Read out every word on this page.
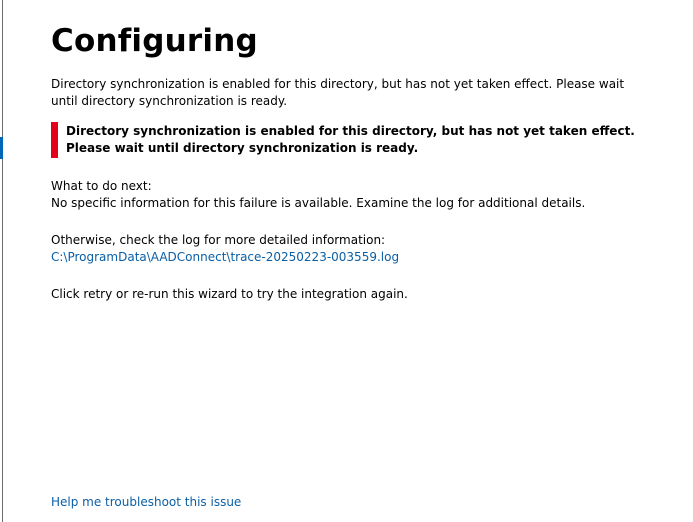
Configuring
Directory synchronization is enabled for this directory, but has not yet taken effect. Please wait until directory synchronization is ready.
Directory synchronization is enabled for this directory, but has not yet taken effect. Please wait until directory synchronization is ready.
What to do next:
No specific information for this failure is available. Examine the log for additional details.
Otherwise, check the log for more detailed information:
C:\ProgramData\AADConnect\trace-20250223-003559.log
Click retry or re-run this wizard to try the integration again.
Help me troubleshoot this issue
